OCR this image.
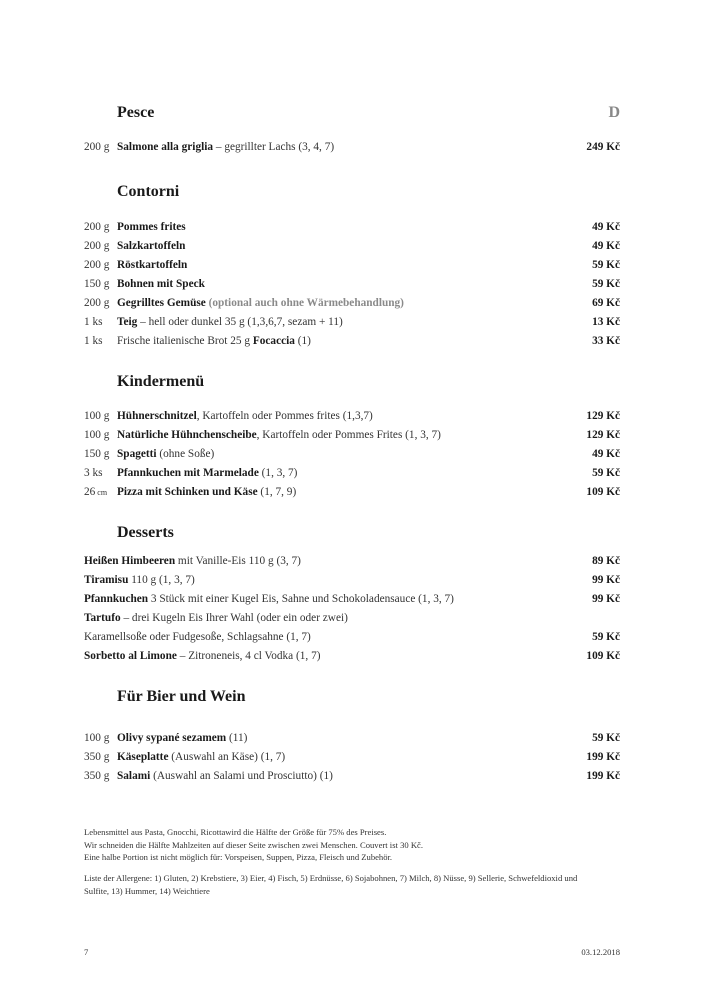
Pesce	D
200 g Salmone alla griglia – gegrillter Lachs (3, 4, 7)	249 Kč
Contorni
200 g Pommes frites	49 Kč
200 g Salzkartoffeln	49 Kč
200 g Röstkartoffeln	59 Kč
150 g Bohnen mit Speck	59 Kč
200 g Gegrilltes Gemüse (optional auch ohne Wärmebehandlung)	69 Kč
1 ks	Teig – hell oder dunkel 35 g (1,3,6,7, sezam + 11)	13 Kč
1 ks	Frische italienische Brot 25 g Focaccia (1)	33 Kč
Kindermenü
100 g Hühnerschnitzel, Kartoffeln oder Pommes frites (1,3,7)	129 Kč
100 g Natürliche Hühnchenscheibe, Kartoffeln oder Pommes Frites (1, 3, 7)	129 Kč
150 g Spagetti (ohne Soße)	49 Kč
3 ks	Pfannkuchen mit Marmelade (1, 3, 7)	59 Kč
26 cm Pizza mit Schinken und Käse (1, 7, 9)	109 Kč
Desserts
Heißen Himbeeren mit Vanille-Eis 110 g (3, 7)	89 Kč
Tiramisu 110 g (1, 3, 7)	99 Kč
Pfannkuchen 3 Stück mit einer Kugel Eis, Sahne und Schokoladensauce (1, 3, 7)	99 Kč
Tartufo – drei Kugeln Eis Ihrer Wahl (oder ein oder zwei)
Karamellsoße oder Fudgesoße, Schlagsahne (1, 7)	59 Kč
Sorbetto al Limone – Zitroneneis, 4 cl Vodka (1, 7)	109 Kč
Für Bier und Wein
100 g Olivy sypané sezamem (11)	59 Kč
350 g Käseplatte (Auswahl an Käse) (1, 7)	199 Kč
350 g Salami (Auswahl an Salami und Prosciutto) (1)	199 Kč
Lebensmittel aus Pasta, Gnocchi, Ricottawird die Hälfte der Größe für 75% des Preises.
Wir schneiden die Hälfte Mahlzeiten auf dieser Seite zwischen zwei Menschen. Couvert ist 30 Kč.
Eine halbe Portion ist nicht möglich für: Vorspeisen, Suppen, Pizza, Fleisch und Zubehör.
Liste der Allergene: 1) Gluten, 2) Krebstiere, 3) Eier, 4) Fisch, 5) Erdnüsse, 6) Sojabohnen, 7) Milch, 8) Nüsse, 9) Sellerie, Schwefeldioxid und Sulfite, 13) Hummer, 14) Weichtiere
7	03.12.2018
